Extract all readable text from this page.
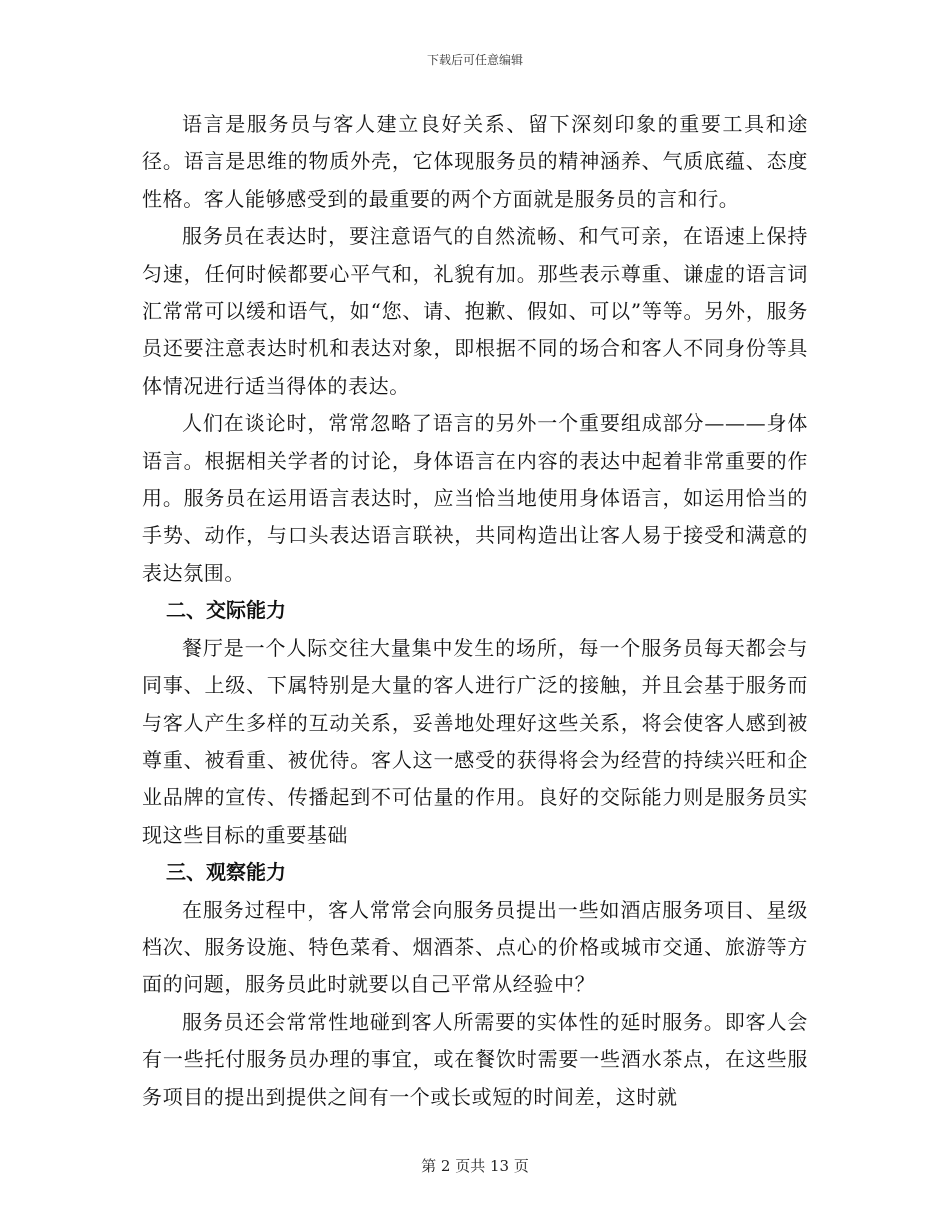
下载后可任意编辑

语言是服务员与客人建立良好关系、留下深刻印象的重要工具和途径。语言是思维的物质外壳，它体现服务员的精神涵养、气质底蕴、态度性格。客人能够感受到的最重要的两个方面就是服务员的言和行。

服务员在表达时，要注意语气的自然流畅、和气可亲，在语速上保持匀速，任何时候都要心平气和，礼貌有加。那些表示尊重、谦虚的语言词汇常常可以缓和语气，如“您、请、抱歉、假如、可以”等等。另外，服务员还要注意表达时机和表达对象，即根据不同的场合和客人不同身份等具体情况进行适当得体的表达。

人们在谈论时，常常忽略了语言的另外一个重要组成部分———身体语言。根据相关学者的讨论，身体语言在内容的表达中起着非常重要的作用。服务员在运用语言表达时，应当恰当地使用身体语言，如运用恰当的手势、动作，与口头表达语言联袂，共同构造出让客人易于接受和满意的表达氛围。

二、交际能力

餐厅是一个人际交往大量集中发生的场所，每一个服务员每天都会与同事、上级、下属特别是大量的客人进行广泛的接触，并且会基于服务而与客人产生多样的互动关系，妥善地处理好这些关系，将会使客人感到被尊重、被看重、被优待。客人这一感受的获得将会为经营的持续兴旺和企业品牌的宣传、传播起到不可估量的作用。良好的交际能力则是服务员实现这些目标的重要基础

三、观察能力

在服务过程中，客人常常会向服务员提出一些如酒店服务项目、星级档次、服务设施、特色菜肴、烟酒茶、点心的价格或城市交通、旅游等方面的问题，服务员此时就要以自己平常从经验中？

服务员还会常常性地碰到客人所需要的实体性的延时服务。即客人会有一些托付服务员办理的事宜，或在餐饮时需要一些酒水茶点，在这些服务项目的提出到提供之间有一个或长或短的时间差，这时就

第 2 页共 13 页
